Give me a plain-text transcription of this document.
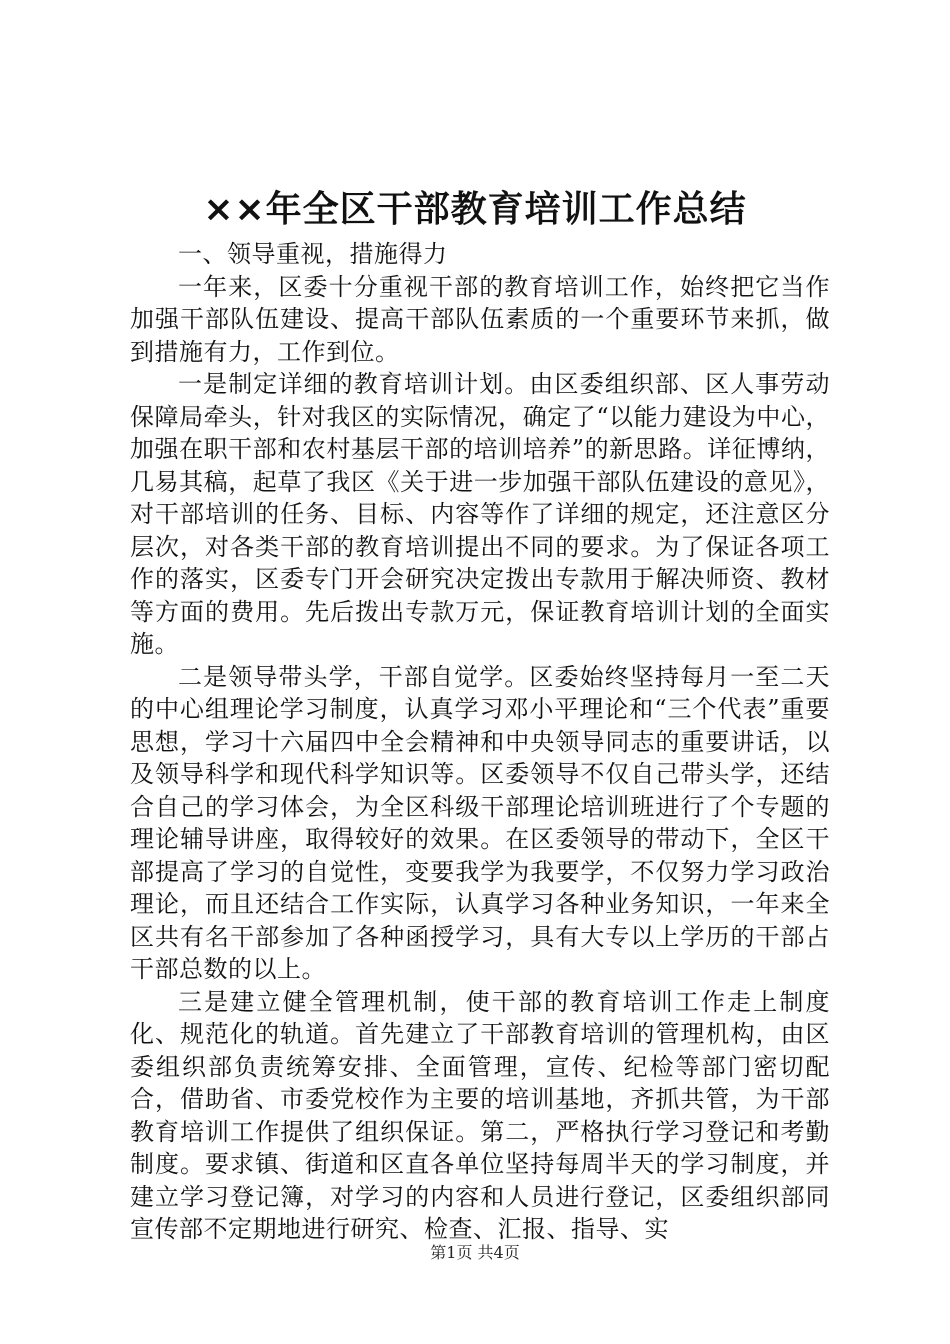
××年全区干部教育培训工作总结

一、领导重视，措施得力

一年来，区委十分重视干部的教育培训工作，始终把它当作加强干部队伍建设、提高干部队伍素质的一个重要环节来抓，做到措施有力，工作到位。

一是制定详细的教育培训计划。由区委组织部、区人事劳动保障局牵头，针对我区的实际情况，确定了“以能力建设为中心，加强在职干部和农村基层干部的培训培养”的新思路。详征博纳，几易其稿，起草了我区《关于进一步加强干部队伍建设的意见》，对干部培训的任务、目标、内容等作了详细的规定，还注意区分层次，对各类干部的教育培训提出不同的要求。为了保证各项工作的落实，区委专门开会研究决定拨出专款用于解决师资、教材等方面的费用。先后拨出专款万元，保证教育培训计划的全面实施。

二是领导带头学，干部自觉学。区委始终坚持每月一至二天的中心组理论学习制度，认真学习邓小平理论和“三个代表”重要思想，学习十六届四中全会精神和中央领导同志的重要讲话，以及领导科学和现代科学知识等。区委领导不仅自己带头学，还结合自己的学习体会，为全区科级干部理论培训班进行了个专题的理论辅导讲座，取得较好的效果。在区委领导的带动下，全区干部提高了学习的自觉性，变要我学为我要学，不仅努力学习政治理论，而且还结合工作实际，认真学习各种业务知识，一年来全区共有名干部参加了各种函授学习，具有大专以上学历的干部占干部总数的以上。

三是建立健全管理机制，使干部的教育培训工作走上制度化、规范化的轨道。首先建立了干部教育培训的管理机构，由区委组织部负责统筹安排、全面管理，宣传、纪检等部门密切配合，借助省、市委党校作为主要的培训基地，齐抓共管，为干部教育培训工作提供了组织保证。第二，严格执行学习登记和考勤制度。要求镇、街道和区直各单位坚持每周半天的学习制度，并建立学习登记簿，对学习的内容和人员进行登记，区委组织部同宣传部不定期地进行研究、检查、汇报、指导、实

第1页 共4页
